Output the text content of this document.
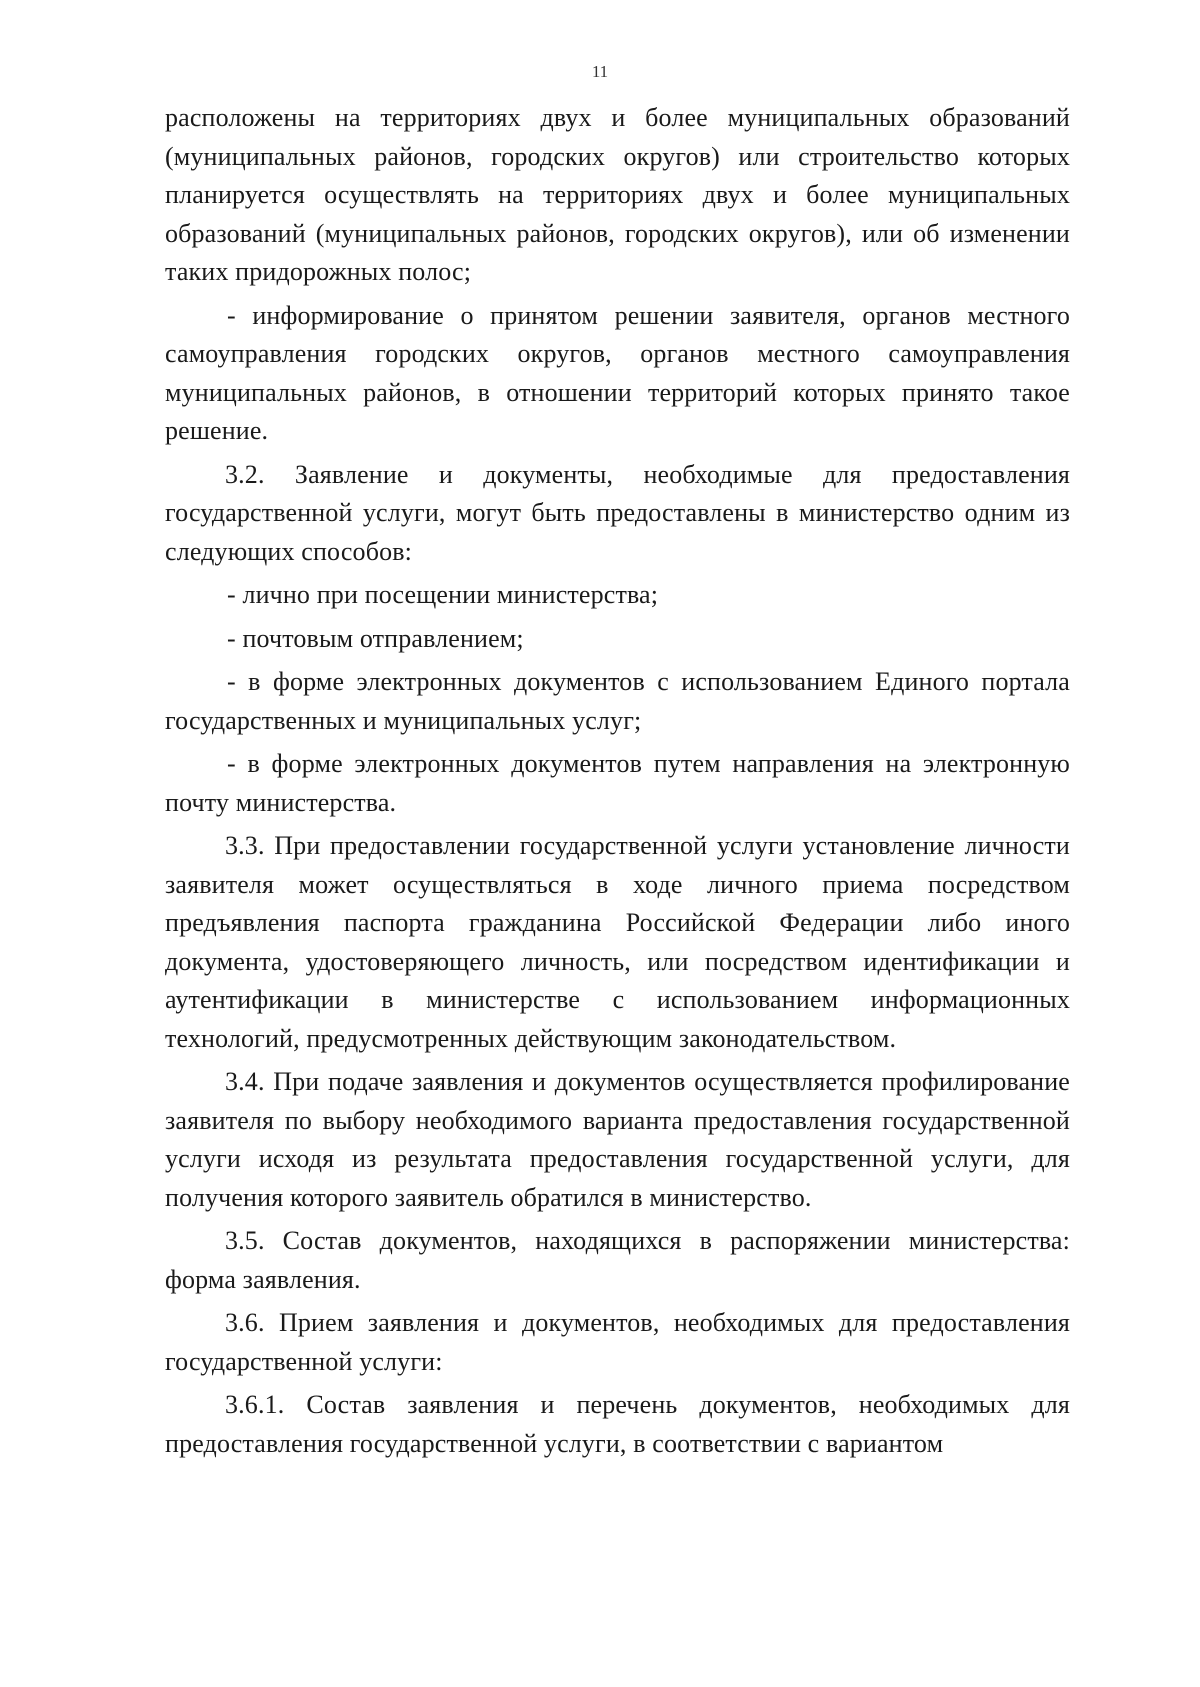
11

расположены на территориях двух и более муниципальных образований (муниципальных районов, городских округов) или строительство которых планируется осуществлять на территориях двух и более муниципальных образований (муниципальных районов, городских округов), или об изменении таких придорожных полос;

- информирование о принятом решении заявителя, органов местного самоуправления городских округов, органов местного самоуправления муниципальных районов, в отношении территорий которых принято такое решение.

3.2. Заявление и документы, необходимые для предоставления государственной услуги, могут быть предоставлены в министерство одним из следующих способов:

- лично при посещении министерства;

- почтовым отправлением;

- в форме электронных документов с использованием Единого портала государственных и муниципальных услуг;

- в форме электронных документов путем направления на электронную почту министерства.

3.3. При предоставлении государственной услуги установление личности заявителя может осуществляться в ходе личного приема посредством предъявления паспорта гражданина Российской Федерации либо иного документа, удостоверяющего личность, или посредством идентификации и аутентификации в министерстве с использованием информационных технологий, предусмотренных действующим законодательством.

3.4. При подаче заявления и документов осуществляется профилирование заявителя по выбору необходимого варианта предоставления государственной услуги исходя из результата предоставления государственной услуги, для получения которого заявитель обратился в министерство.

3.5. Состав документов, находящихся в распоряжении министерства: форма заявления.

3.6. Прием заявления и документов, необходимых для предоставления государственной услуги:

3.6.1. Состав заявления и перечень документов, необходимых для предоставления государственной услуги, в соответствии с вариантом
